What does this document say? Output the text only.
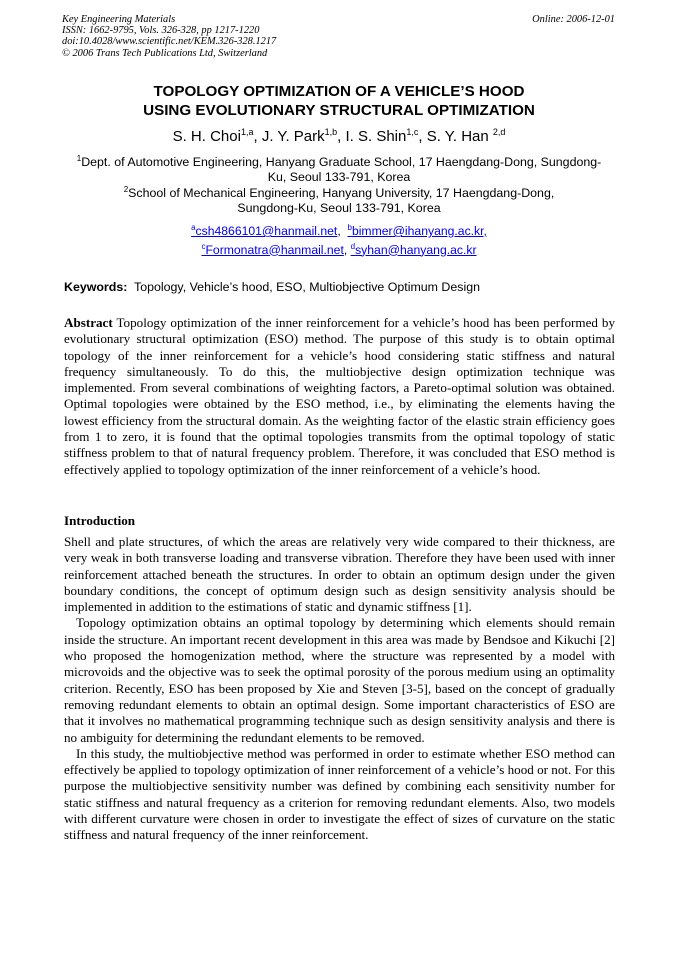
Key Engineering Materials
ISSN: 1662-9795, Vols. 326-328, pp 1217-1220
doi:10.4028/www.scientific.net/KEM.326-328.1217
© 2006 Trans Tech Publications Ltd, Switzerland
Online: 2006-12-01
TOPOLOGY OPTIMIZATION OF A VEHICLE’S HOOD
USING EVOLUTIONARY STRUCTURAL OPTIMIZATION
S. H. Choi$^{1,a}$, J. Y. Park$^{1,b}$, I. S. Shin$^{1,c}$, S. Y. Han $^{2,d}$
$^1$Dept. of Automotive Engineering, Hanyang Graduate School, 17 Haengdang-Dong, Sungdong-
Ku, Seoul 133-791, Korea
$^2$School of Mechanical Engineering, Hanyang University, 17 Haengdang-Dong,
Sungdong-Ku, Seoul 133-791, Korea
$^a$csh4866101@hanmail.net,  $^b$bimmer@ihanyang.ac.kr,
$^c$Formonatra@hanmail.net, $^d$syhan@hanyang.ac.kr
Keywords: Topology, Vehicle’s hood, ESO, Multiobjective Optimum Design

Abstract Topology optimization of the inner reinforcement for a vehicle’s hood has been performed by evolutionary structural optimization (ESO) method. The purpose of this study is to obtain optimal topology of the inner reinforcement for a vehicle’s hood considering static stiffness and natural frequency simultaneously. To do this, the multiobjective design optimization technique was implemented. From several combinations of weighting factors, a Pareto-optimal solution was obtained. Optimal topologies were obtained by the ESO method, i.e., by eliminating the elements having the lowest efficiency from the structural domain. As the weighting factor of the elastic strain efficiency goes from 1 to zero, it is found that the optimal topologies transmits from the optimal topology of static stiffness problem to that of natural frequency problem. Therefore, it was concluded that ESO method is effectively applied to topology optimization of the inner reinforcement of a vehicle’s hood.

Introduction

Shell and plate structures, of which the areas are relatively very wide compared to their thickness, are very weak in both transverse loading and transverse vibration. Therefore they have been used with inner reinforcement attached beneath the structures. In order to obtain an optimum design under the given boundary conditions, the concept of optimum design such as design sensitivity analysis should be implemented in addition to the estimations of static and dynamic stiffness [1].

Topology optimization obtains an optimal topology by determining which elements should remain inside the structure. An important recent development in this area was made by Bendsoe and Kikuchi [2] who proposed the homogenization method, where the structure was represented by a model with microvoids and the objective was to seek the optimal porosity of the porous medium using an optimality criterion. Recently, ESO has been proposed by Xie and Steven [3-5], based on the concept of gradually removing redundant elements to obtain an optimal design. Some important characteristics of ESO are that it involves no mathematical programming technique such as design sensitivity analysis and there is no ambiguity for determining the redundant elements to be removed.

In this study, the multiobjective method was performed in order to estimate whether ESO method can effectively be applied to topology optimization of inner reinforcement of a vehicle’s hood or not. For this purpose the multiobjective sensitivity number was defined by combining each sensitivity number for static stiffness and natural frequency as a criterion for removing redundant elements. Also, two models with different curvature were chosen in order to investigate the effect of sizes of curvature on the static stiffness and natural frequency of the inner reinforcement.
